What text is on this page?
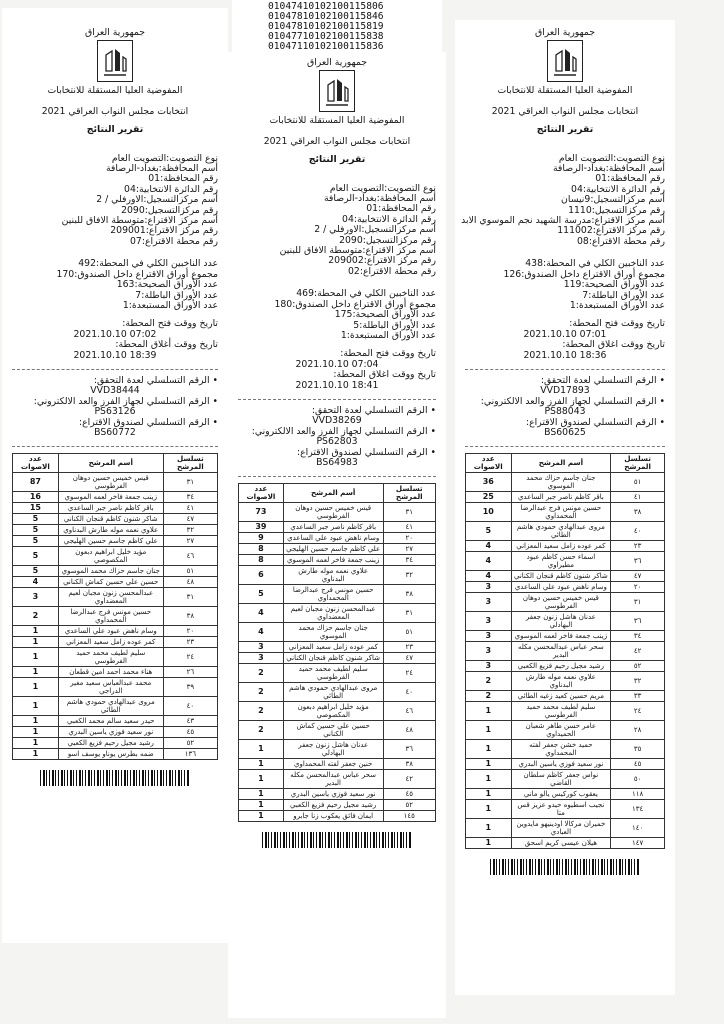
01047410102100115806
01047810102100115846
01047810102100115819
01047710102100115838
01047110102100115836
جمهورية العراق
المفوضية العليا المستقلة للانتخابات
انتخابات مجلس النواب العراقي 2021
تقرير النتائج
نوع التصويت:التصويت العام
أسم المحافظة:بغداد-الرصافة
رقم المحافظة:01
رقم الدائرة الانتخابية:04
أسم مركزالتسجيل:الاورفلي / 2
رقم مركزالتسجيل:2090
أسم مركز الاقتراع:متوسطة الافاق للبنين
رقم مركز الاقتراع:209001
رقم محطة الاقتراع:07
عدد الناخبين الكلي في المحطة:492
مجموع أوراق الاقتراع داخل الصندوق:170
عدد الأوراق الصحيحة:163
عدد الأوراق الباطلة:7
عدد الأوراق المستبعدة:1
تاريخ ووقت فتح المحطة:
2021.10.10 07:02
تاريخ ووقت أغلاق المحطة:
2021.10.10 18:39
• الرقم التسلسلي لعدة التحقق:
VVD38444
• الرقم التسلسلي لجهاز الفرز والعد الالكتروني:
PS63126
• الرقم التسلسلي لصندوق الاقتراع:
BS60772
تسلسل المرشح	أسم المرشح	عدد الاصوات
٣١	قيس خميس حسين دوهان الفرطوسي	87
٣٤	زينب جمعة فاخر لعمه الموسوي	16
٤١	باقر كاظم ناصر جبر الساعدي	15
٤٧	شاكر شنون كاظم قنجان الكناني	5
٣٢	علاوي نعمه موله طارش البدناوي	5
٢٧	علي كاظم جاسم حسين الهليجي	5
٤٦	مؤيد خليل ابراهيم دبعون المكصوصي	5
٥١	جنان جاسم حزاك محمد الموسوي	5
٤٨	حسين علي حسين كماش الكناني	4
٣١	عبدالمحسن زنون مجبان لعيم المعضداوي	3
٣٨	حسين مونس فرج عبدالرضا المحمداوي	2
٢٠	وسام ناهض عبود علي الساعدي	1
٢٣	كمر عوده زامل سعيد المعزاني	1
٢٤	سليم لطيف محمد حميد الفرطوسي	1
٢٦	هناء محمد احمد امين قطعان	1
٣٩	محمد عبدالعباس سعيد مغير الدراجي	1
٤٠	مروى عبدالهادي حمودي هاشم الطائي	1
٤٣	حيدر سعيد سالم محمد الكعبي	1
٤٥	نور سعيد فوزي ياسين البدري	1
٥٢	رشيد مجيل رحيم فزيع الكعبي	1
١٣٦	ضمه بطرس يوناو يوسف اسو	1
جمهورية العراق
المفوضية العليا المستقلة للانتخابات
انتخابات مجلس النواب العراقي 2021
تقرير النتائج
نوع التصويت:التصويت العام
أسم المحافظة:بغداد-الرصافة
رقم المحافظة:01
رقم الدائرة الانتخابية:04
أسم مركزالتسجيل:الاورفلي / 2
رقم مركزالتسجيل:2090
أسم مركز الاقتراع:متوسطة الافاق للبنين
رقم مركز الاقتراع:209002
رقم محطة الاقتراع:02
عدد الناخبين الكلي في المحطة:469
مجموع أوراق الاقتراع داخل الصندوق:180
عدد الأوراق الصحيحة:175
عدد الأوراق الباطلة:5
عدد الأوراق المستبعدة:1
تاريخ ووقت فتح المحطة:
2021.10.10 07:04
تاريخ ووقت اغلاق المحطة:
2021.10.10 18:41
• الرقم التسلسلي لعدة التحقق:
VVD38269
• الرقم التسلسلي لجهاز الفرز والعد الالكتروني:
PS62803
• الرقم التسلسلي لصندوق الاقتراع:
BS64983
تسلسل المرشح	أسم المرشح	عدد الاصوات
٣١	قيس خميس حسين دوهان الفرطوسي	73
٤١	باقر كاظم ناصر جبر الساعدي	39
٢٠	وسام ناهض عبود علي الساعدي	9
٢٧	علي كاظم جاسم حسين الهليجي	8
٣٤	زينب جمعة فاخر لعمه الموسوي	8
٣٢	علاوي نعمه موله طارش البدناوي	6
٣٨	حسين مونس فرج عبدالرضا المحمداوي	5
٣١	عبدالمحسن زنون مجبان لعيم المعضداوي	4
٥١	جنان جاسم حزاك محمد الموسوي	4
٢٣	كمر عوده زامل سعيد المعزاني	3
٤٧	شاكر شنون كاظم قنجان الكناني	3
٢٤	سليم لطيف محمد حميد الفرطوسي	2
٤٠	مروى عبدالهادي حمودي هاشم الطائي	2
٤٦	مؤيد خليل ابراهيم دبعون المكصوصي	2
٤٨	حسين علي حسين كماش الكناني	2
٣٦	عدنان هاشل زنون جعفر البهادلي	1
٣٨	حنين جعفر لفته المحمداوي	1
٤٢	سحر عباس عبدالمحسن مكله البدير	1
٤٥	نور سعيد فوزي ياسين البدري	1
٥٢	رشيد مجيل رحيم فزيع الكعبي	1
١٤٥	ايمان فائق يعكوب زنا جابرو	1
جمهورية العراق
المفوضية العليا المستقلة للانتخابات
انتخابات مجلس النواب العراقي 2021
تقرير النتائج
نوع التصويت:التصويت العام
أسم المحافظة:بغداد-الرصافة
رقم المحافظة:01
رقم الدائرة الانتخابية:04
أسم مركزالتسجيل:9نيسان
رقم مركزالتسجيل:1110
أسم مركز الاقتراع:مدرسة الشهيد نجم الموسوي الابد
رقم مركز الاقتراع:111002
رقم محطة الاقتراع:08
عدد الناخبين الكلي في المحطة:438
مجموع أوراق الاقتراع داخل الصندوق:126
عدد الأوراق الصحيحة:119
عدد الأوراق الباطلة:7
عدد الأوراق المستبعدة:1
تاريخ ووقت فتح المحطة:
2021.10.10 07:01
تاريخ ووقت اغلاق المحطة:
2021.10.10 18:36
• الرقم التسلسلي لعدة التحقق:
VVD17893
• الرقم التسلسلي لجهاز الفرز والعد الالكتروني:
PS88043
• الرقم التسلسلي لصندوق الاقتراع:
BS60625
تسلسل المرشح	أسم المرشح	عدد الاصوات
٥١	جنان جاسم حزاك محمد الموسوي	36
٤١	باقر كاظم ناصر جبر الساعدي	25
٣٨	حسين مونس فرج عبدالرضا المحمداوي	10
٤٠	مروى عبدالهادي حمودي هاشم الطائي	5
٢٣	كمر عوده زامل سعيد المعزاني	4
٣٦	اسماء حسن كاظم عبود مطيراوي	4
٤٧	شاكر شنون كاظم قنجان الكناني	4
٢٠	وسام ناهض عبود علي الساعدي	3
٣١	قيس خميس حسين دوهان الفرطوسي	3
٣٦	عدنان هاشل زنون جعفر البهادلي	3
٣٤	زينب جمعة فاخر لعمه الموسوي	3
٤٢	سحر عباس عبدالمحسن مكله البدير	3
٥٢	رشيد مجيل رحيم فزيع الكعبي	3
٣٢	علاوي نعمه موله طارش البدناوي	2
٣٣	مريم حسين كعيد زغيه الطائي	2
٢٤	سليم لطيف محمد حميد الفرطوسي	1
٢٨	عامر حسن طاهر شعبان الحميداوي	1
٣٥	حميد خشن جعفر لفته المحمداوي	1
٤٥	نور سعيد فوزي ياسين البدري	1
٥٠	نواس جعفر كاظم سلطان القاضي	1
١١٨	يعقوب كوركيس يالو ماني	1
١٣٤	نجيب اسطيوه حيدو عزيز قس متا	1
١٤٠	خميران مركالا اودينيهو مايدوين العبادي	1
١٤٧	هيلان عيسى كريم اسحق	1
